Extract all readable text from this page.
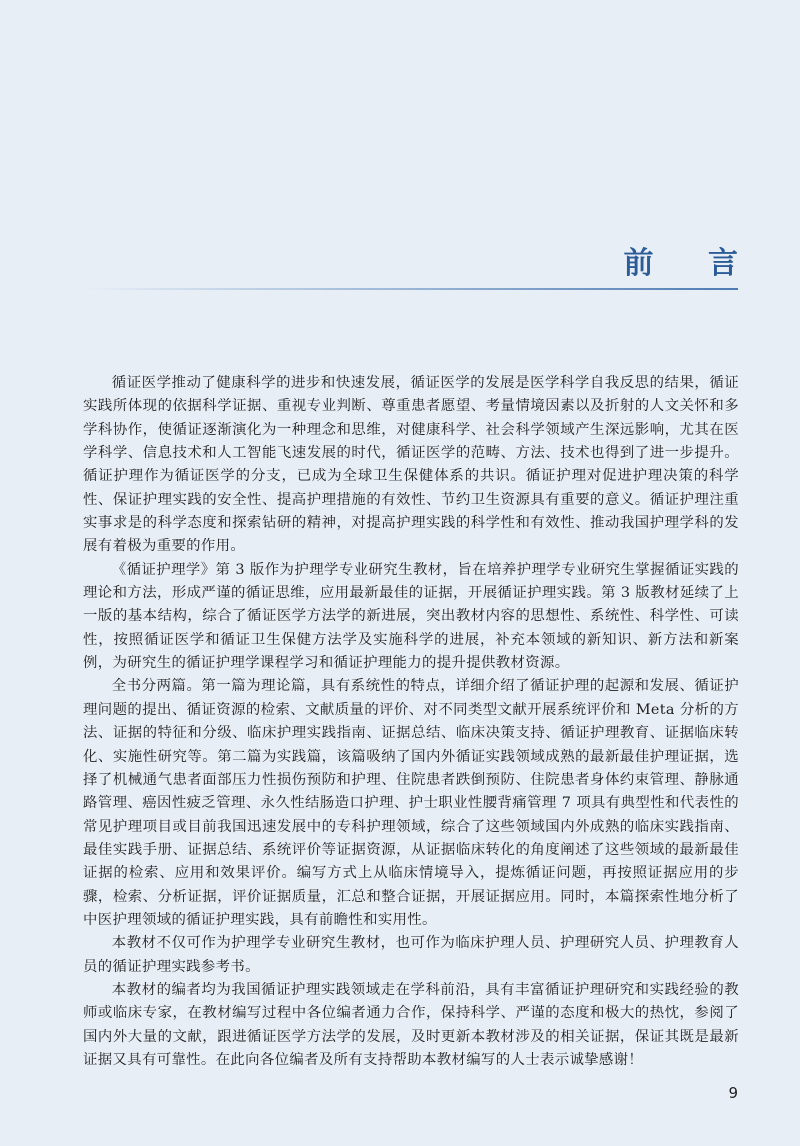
前 言

循证医学推动了健康科学的进步和快速发展，循证医学的发展是医学科学自我反思的结果，循证实践所体现的依据科学证据、重视专业判断、尊重患者愿望、考量情境因素以及折射的人文关怀和多学科协作，使循证逐渐演化为一种理念和思维，对健康科学、社会科学领域产生深远影响，尤其在医学科学、信息技术和人工智能飞速发展的时代，循证医学的范畴、方法、技术也得到了进一步提升。循证护理作为循证医学的分支，已成为全球卫生保健体系的共识。循证护理对促进护理决策的科学性、保证护理实践的安全性、提高护理措施的有效性、节约卫生资源具有重要的意义。循证护理注重实事求是的科学态度和探索钻研的精神，对提高护理实践的科学性和有效性、推动我国护理学科的发展有着极为重要的作用。

《循证护理学》第 3 版作为护理学专业研究生教材，旨在培养护理学专业研究生掌握循证实践的理论和方法，形成严谨的循证思维，应用最新最佳的证据，开展循证护理实践。第 3 版教材延续了上一版的基本结构，综合了循证医学方法学的新进展，突出教材内容的思想性、系统性、科学性、可读性，按照循证医学和循证卫生保健方法学及实施科学的进展，补充本领域的新知识、新方法和新案例，为研究生的循证护理学课程学习和循证护理能力的提升提供教材资源。

全书分两篇。第一篇为理论篇，具有系统性的特点，详细介绍了循证护理的起源和发展、循证护理问题的提出、循证资源的检索、文献质量的评价、对不同类型文献开展系统评价和 Meta 分析的方法、证据的特征和分级、临床护理实践指南、证据总结、临床决策支持、循证护理教育、证据临床转化、实施性研究等。第二篇为实践篇，该篇吸纳了国内外循证实践领域成熟的最新最佳护理证据，选择了机械通气患者面部压力性损伤预防和护理、住院患者跌倒预防、住院患者身体约束管理、静脉通路管理、癌因性疲乏管理、永久性结肠造口护理、护士职业性腰背痛管理 7 项具有典型性和代表性的常见护理项目或目前我国迅速发展中的专科护理领域，综合了这些领域国内外成熟的临床实践指南、最佳实践手册、证据总结、系统评价等证据资源，从证据临床转化的角度阐述了这些领域的最新最佳证据的检索、应用和效果评价。编写方式上从临床情境导入，提炼循证问题，再按照证据应用的步骤，检索、分析证据，评价证据质量，汇总和整合证据，开展证据应用。同时，本篇探索性地分析了中医护理领域的循证护理实践，具有前瞻性和实用性。

本教材不仅可作为护理学专业研究生教材，也可作为临床护理人员、护理研究人员、护理教育人员的循证护理实践参考书。

本教材的编者均为我国循证护理实践领域走在学科前沿，具有丰富循证护理研究和实践经验的教师或临床专家，在教材编写过程中各位编者通力合作，保持科学、严谨的态度和极大的热忱，参阅了国内外大量的文献，跟进循证医学方法学的发展，及时更新本教材涉及的相关证据，保证其既是最新证据又具有可靠性。在此向各位编者及所有支持帮助本教材编写的人士表示诚挚感谢！

9
